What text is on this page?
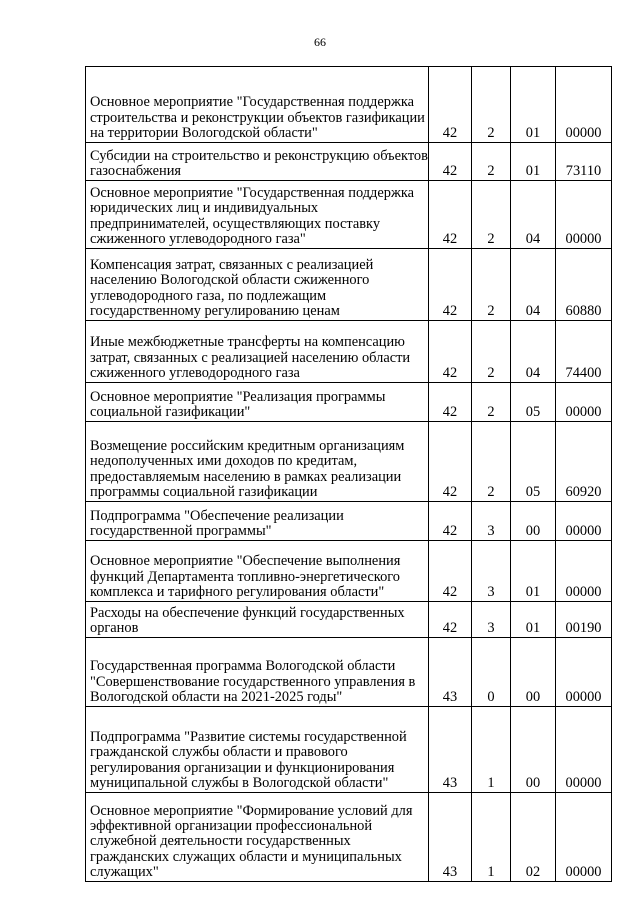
66
Основное мероприятие "Государственная поддержка строительства и реконструкции объектов газификации на территории Вологодской области"	42	2	01	00000
Субсидии на строительство и реконструкцию объектов газоснабжения	42	2	01	73110
Основное мероприятие "Государственная поддержка юридических лиц и индивидуальных предпринимателей, осуществляющих поставку сжиженного углеводородного газа"	42	2	04	00000
Компенсация затрат, связанных с реализацией населению Вологодской области сжиженного углеводородного газа, по подлежащим государственному регулированию ценам	42	2	04	60880
Иные межбюджетные трансферты на компенсацию затрат, связанных с реализацией населению области сжиженного углеводородного газа	42	2	04	74400
Основное мероприятие "Реализация программы социальной газификации"	42	2	05	00000
Возмещение российским кредитным организациям недополученных ими доходов по кредитам, предоставляемым населению в рамках реализации программы социальной газификации	42	2	05	60920
Подпрограмма "Обеспечение реализации государственной программы"	42	3	00	00000
Основное мероприятие "Обеспечение выполнения функций Департамента топливно-энергетического комплекса и тарифного регулирования области"	42	3	01	00000
Расходы на обеспечение функций государственных органов	42	3	01	00190
Государственная программа Вологодской области "Совершенствование государственного управления в Вологодской области на 2021-2025 годы"	43	0	00	00000
Подпрограмма "Развитие системы государственной гражданской службы области и правового регулирования организации и функционирования муниципальной службы в Вологодской области"	43	1	00	00000
Основное мероприятие "Формирование условий для эффективной организации профессиональной служебной деятельности государственных гражданских служащих области и муниципальных служащих"	43	1	02	00000
